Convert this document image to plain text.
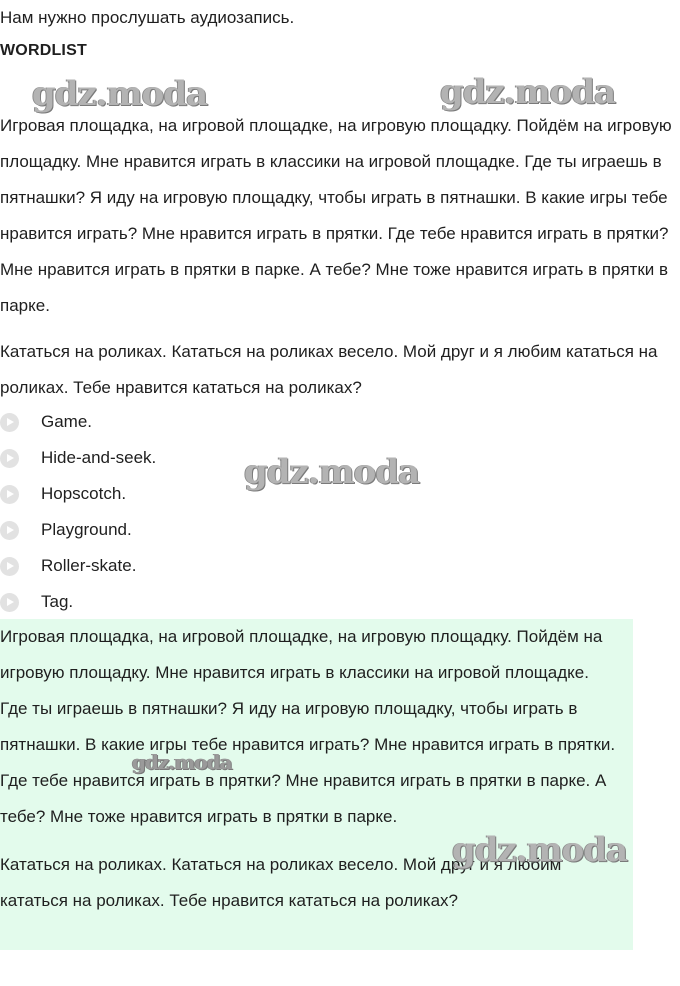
Нам нужно прослушать аудиозапись.
WORDLIST

Игровая площадка, на игровой площадке, на игровую площадку. Пойдём на игровую площадку. Мне нравится играть в классики на игровой площадке. Где ты играешь в пятнашки? Я иду на игровую площадку, чтобы играть в пятнашки. В какие игры тебе нравится играть? Мне нравится играть в прятки. Где тебе нравится играть в прятки? Мне нравится играть в прятки в парке. А тебе? Мне тоже нравится играть в прятки в парке.

Кататься на роликах. Кататься на роликах весело. Мой друг и я любим кататься на роликах. Тебе нравится кататься на роликах?

Game.
Hide-and-seek.
Hopscotch.
Playground.
Roller-skate.
Tag.

Игровая площадка, на игровой площадке, на игровую площадку. Пойдём на игровую площадку. Мне нравится играть в классики на игровой площадке. Где ты играешь в пятнашки? Я иду на игровую площадку, чтобы играть в пятнашки. В какие игры тебе нравится играть? Мне нравится играть в прятки. Где тебе нравится играть в прятки? Мне нравится играть в прятки в парке. А тебе? Мне тоже нравится играть в прятки в парке.

Кататься на роликах. Кататься на роликах весело. Мой друг и я любим кататься на роликах. Тебе нравится кататься на роликах?

gdz.moda	gdz.moda
gdz.moda
gdz.moda
gdz.moda
